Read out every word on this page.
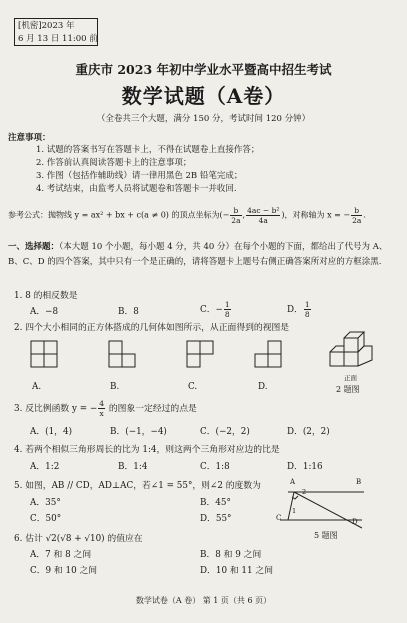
[机密]2023 年
6 月 13 日 11:00 前
重庆市 2023 年初中学业水平暨高中招生考试
数学试题（A卷）
（全卷共三个大题，满分 150 分，考试时间 120 分钟）
注意事项：
1. 试题的答案书写在答题卡上，不得在试题卷上直接作答；
2. 作答前认真阅读答题卡上的注意事项；
3. 作图（包括作辅助线）请一律用黑色 2B 铅笔完成；
4. 考试结束，由监考人员将试题卷和答题卡一并收回.
参考公式：抛物线 y = ax² + bx + c(a ≠ 0) 的顶点坐标为(− $\frac{b}{2a}$ , $\frac{\text{4ac − b²}}{4a}$ )，对称轴为 x = − $\frac{b}{2a}$ .
一、选择题：（本大题 10 个小题，每小题 4 分，共 40 分）在每个小题的下面，都给出了代号为 A、B、C、D 的四个答案，其中只有一个是正确的，请将答题卡上题号右侧正确答案所对应的方框涂黑.
1. 8 的相反数是
A．−8	B．8	C．− $\frac{1}{8}$	D． $\frac{1}{8}$
2. 四个大小相同的正方体搭成的几何体如图所示，从正面得到的视图是
A.	B.	C.	D.
正面
2 题图
3. 反比例函数 y = − $\frac{4}{x}$ 的图象一定经过的点是
A．(1，4)	B．(−1，−4)	C．(−2，2)	D．(2，2)
4. 若两个相似三角形周长的比为 1:4，则这两个三角形对应边的比是
A．1:2	B．1:4	C．1:8	D．1:16
5. 如图，AB // CD，AD⊥AC，若∠1 = 55°，则∠2 的度数为
A．35°	B．45°
C．50°	D．55°
A	B
C	D
1
2
5 题图
6. 估计 √2(√8 + √10) 的值应在
A．7 和 8 之间	B．8 和 9 之间
C．9 和 10 之间	D．10 和 11 之间
数学试卷（A 卷） 第 1 页（共 6 页）
